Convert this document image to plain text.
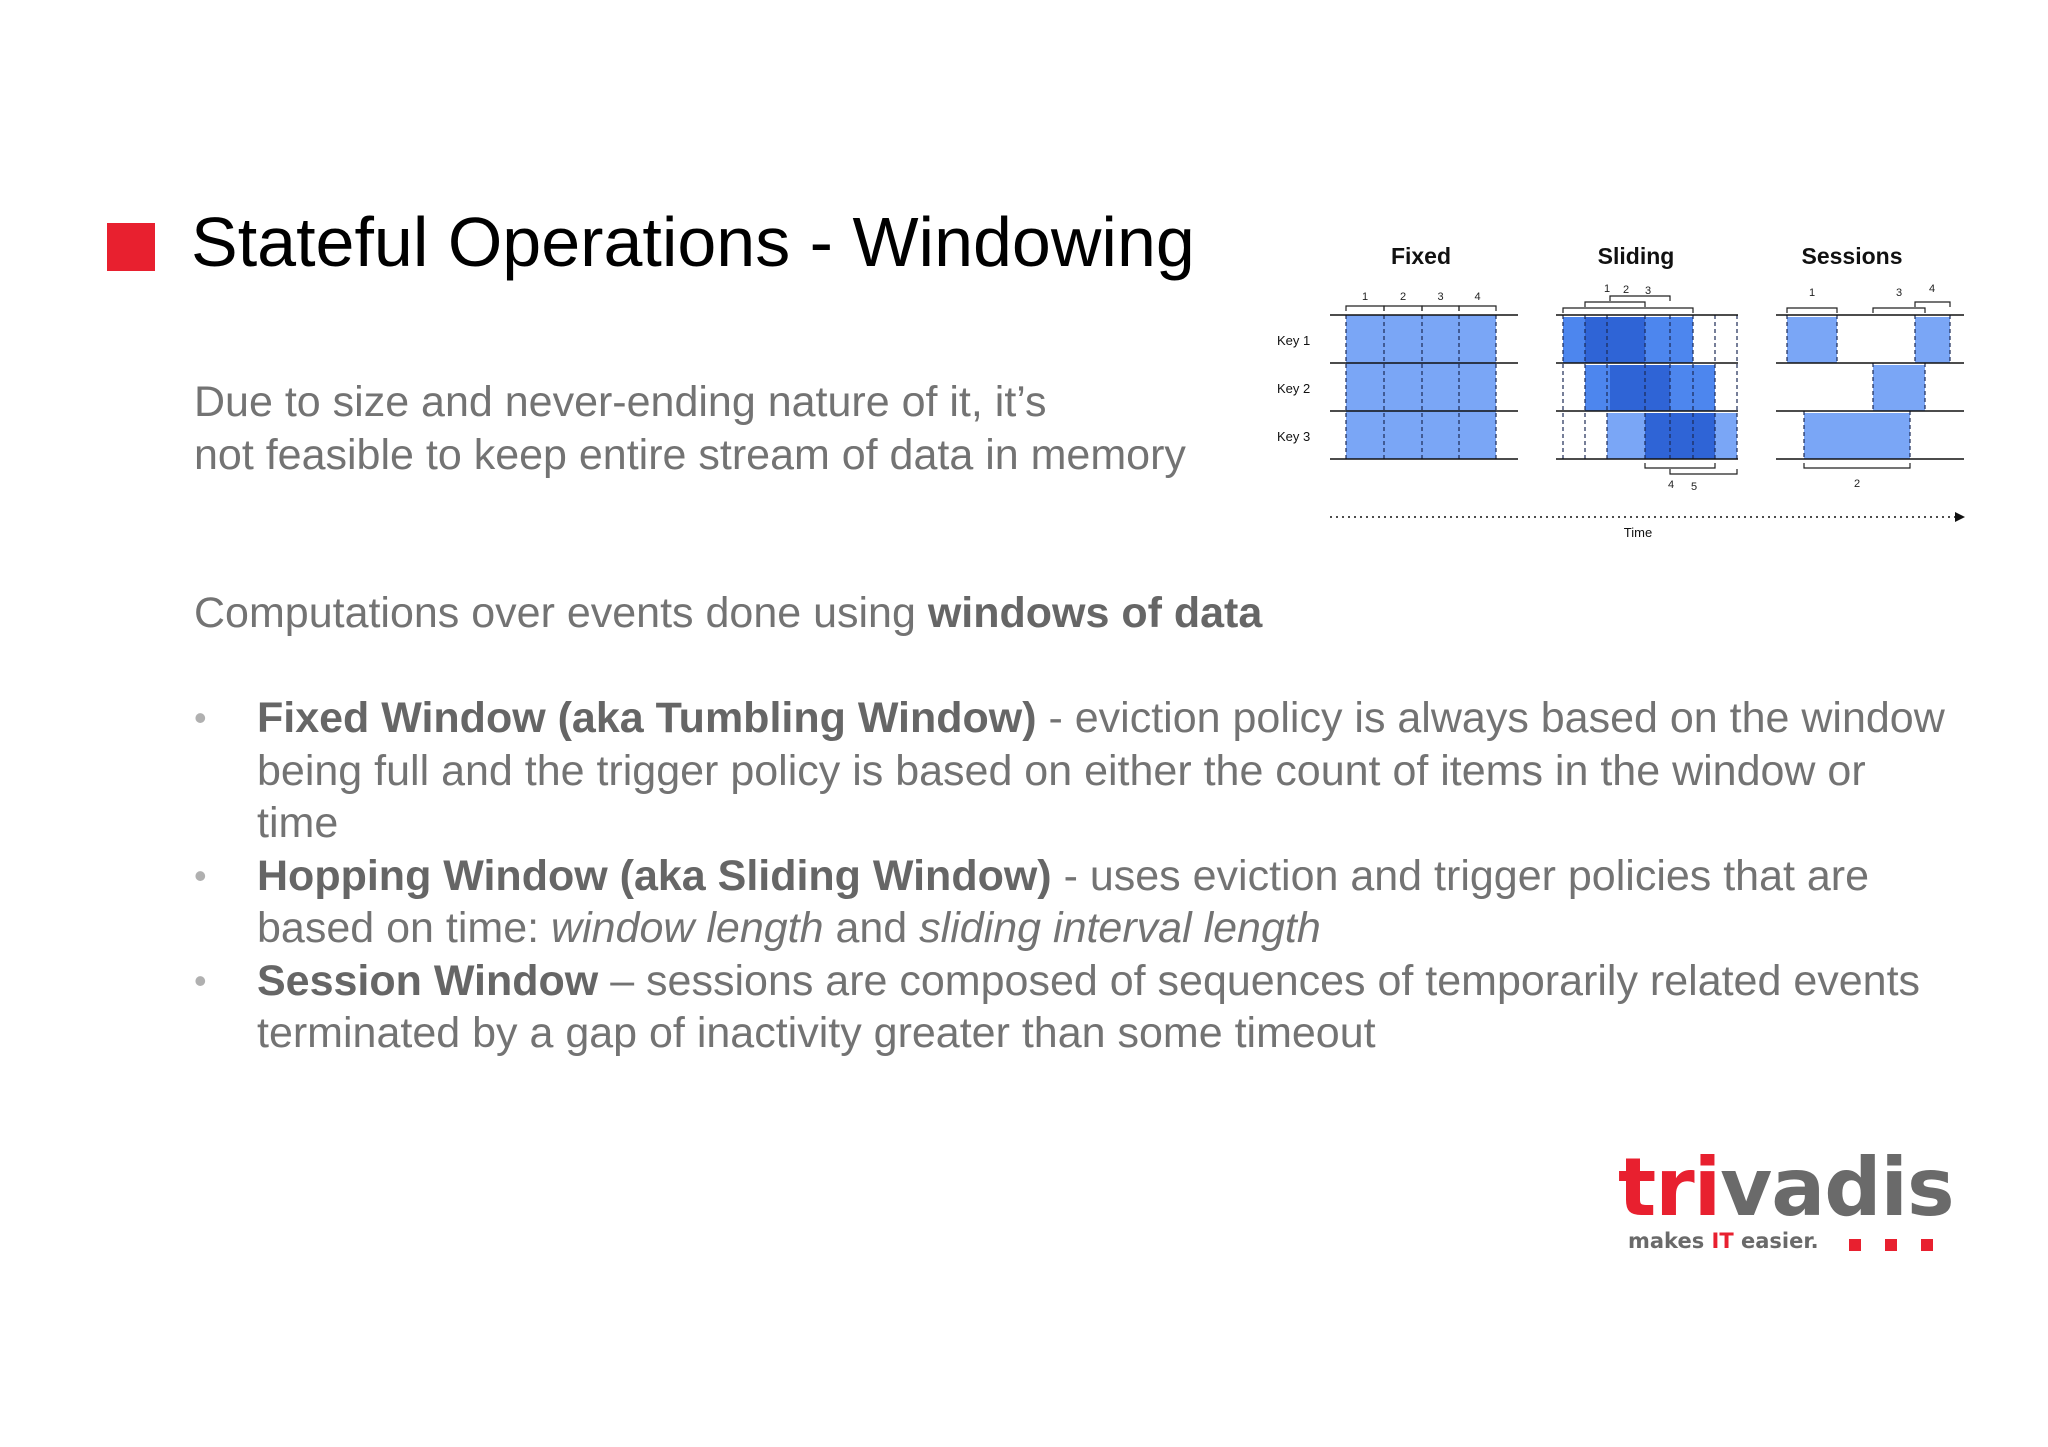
Stateful Operations - Windowing
Due to size and never-ending nature of it, it’s
not feasible to keep entire stream of data in memory
Computations over events done using windows of data
• Fixed Window (aka Tumbling Window) - eviction policy is always based on the window being full and the trigger policy is based on either the count of items in the window or time
• Hopping Window (aka Sliding Window) - uses eviction and trigger policies that are based on time: window length and sliding interval length
• Session Window – sessions are composed of sequences of temporarily related events terminated by a gap of inactivity greater than some timeout
Fixed	Sliding	Sessions
Key 1
Key 2
Key 3
Time
1	2	3	4
1 2 3
4 5
1	3 4
2
trivadis
makes IT easier.
